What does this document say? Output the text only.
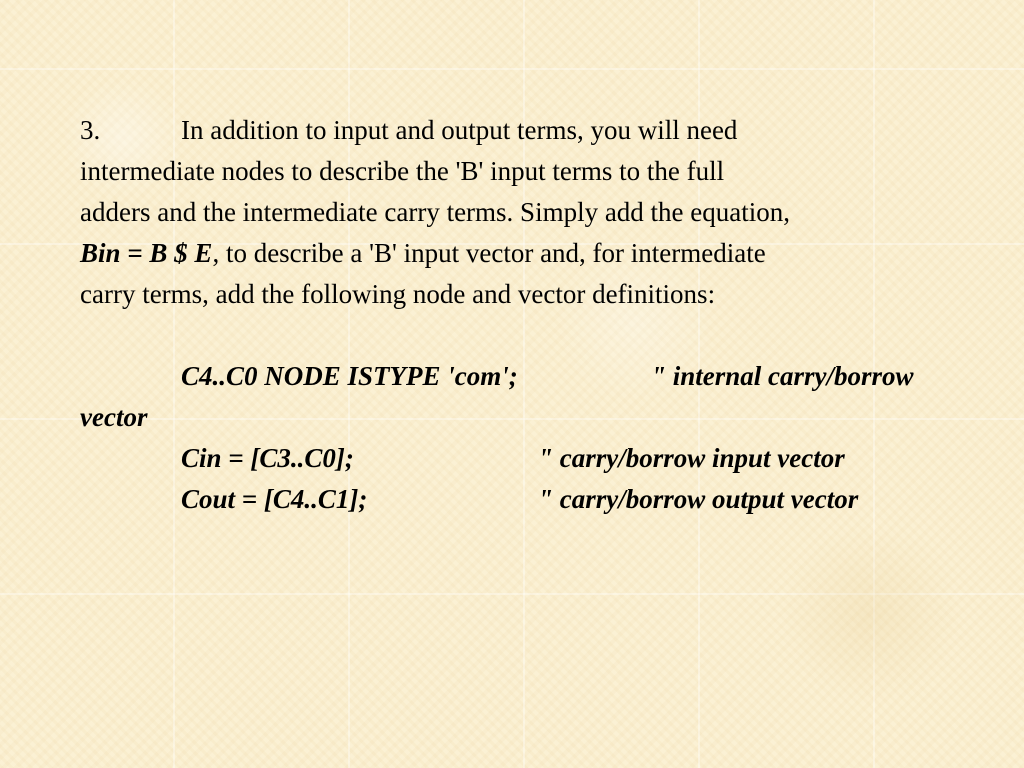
3.	In addition to input and output terms, you will need
intermediate nodes to describe the 'B' input terms to the full
adders and the intermediate carry terms. Simply add the equation,
Bin = B $ E, to describe a 'B' input vector and, for intermediate
carry terms, add the following node and vector definitions:
C4..C0 NODE ISTYPE 'com';	" internal carry/borrow
vector
Cin = [C3..C0];	" carry/borrow input vector
Cout = [C4..C1];	" carry/borrow output vector
